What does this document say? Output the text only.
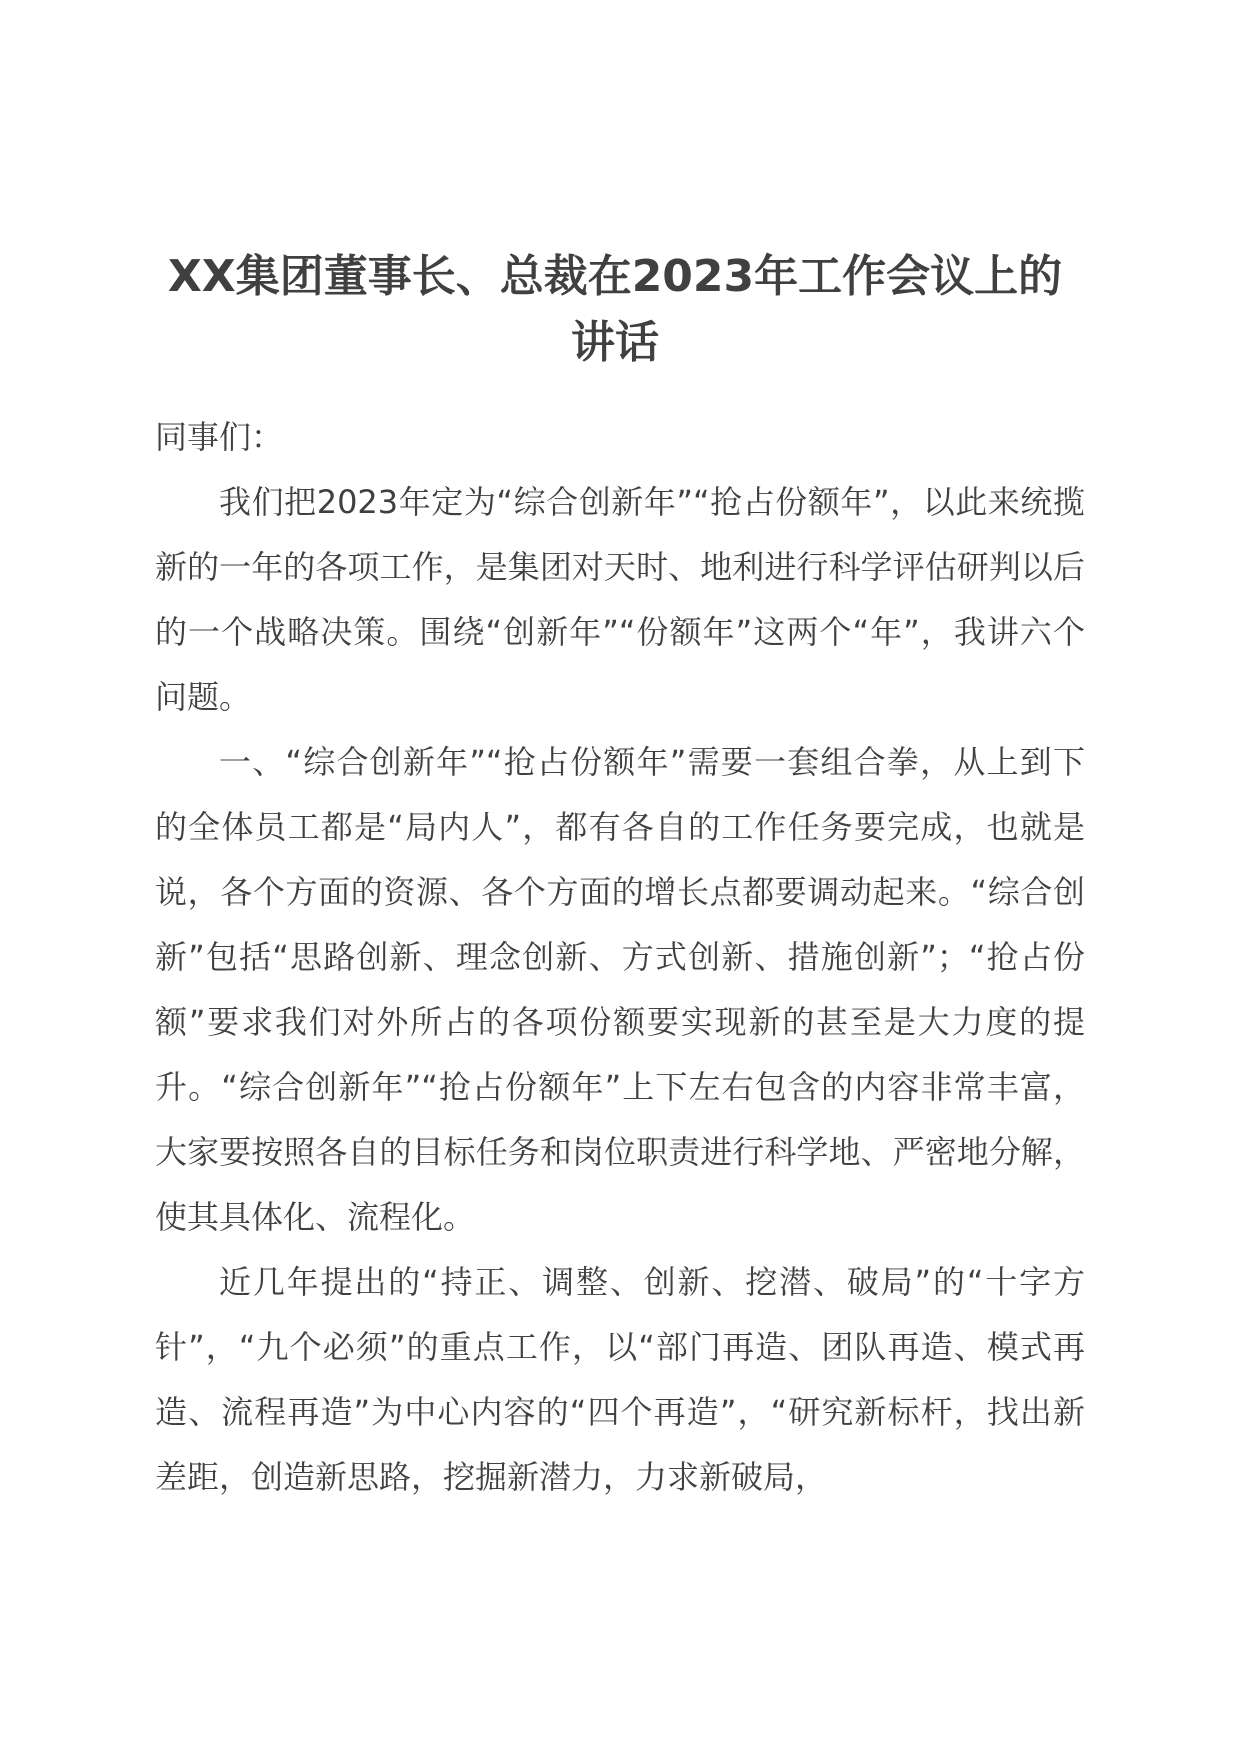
XX集团董事长、总裁在2023年工作会议上的讲话

同事们：

我们把2023年定为“综合创新年”“抢占份额年”，以此来统揽新的一年的各项工作，是集团对天时、地利进行科学评估研判以后的一个战略决策。围绕“创新年”“份额年”这两个“年”，我讲六个问题。

一、“综合创新年”“抢占份额年”需要一套组合拳，从上到下的全体员工都是“局内人”，都有各自的工作任务要完成，也就是说，各个方面的资源、各个方面的增长点都要调动起来。“综合创新”包括“思路创新、理念创新、方式创新、措施创新”；“抢占份额”要求我们对外所占的各项份额要实现新的甚至是大力度的提升。“综合创新年”“抢占份额年”上下左右包含的内容非常丰富，大家要按照各自的目标任务和岗位职责进行科学地、严密地分解，使其具体化、流程化。

近几年提出的“持正、调整、创新、挖潜、破局”的“十字方针”，“九个必须”的重点工作，以“部门再造、团队再造、模式再造、流程再造”为中心内容的“四个再造”，“研究新标杆，找出新差距，创造新思路，挖掘新潜力，力求新破局，
